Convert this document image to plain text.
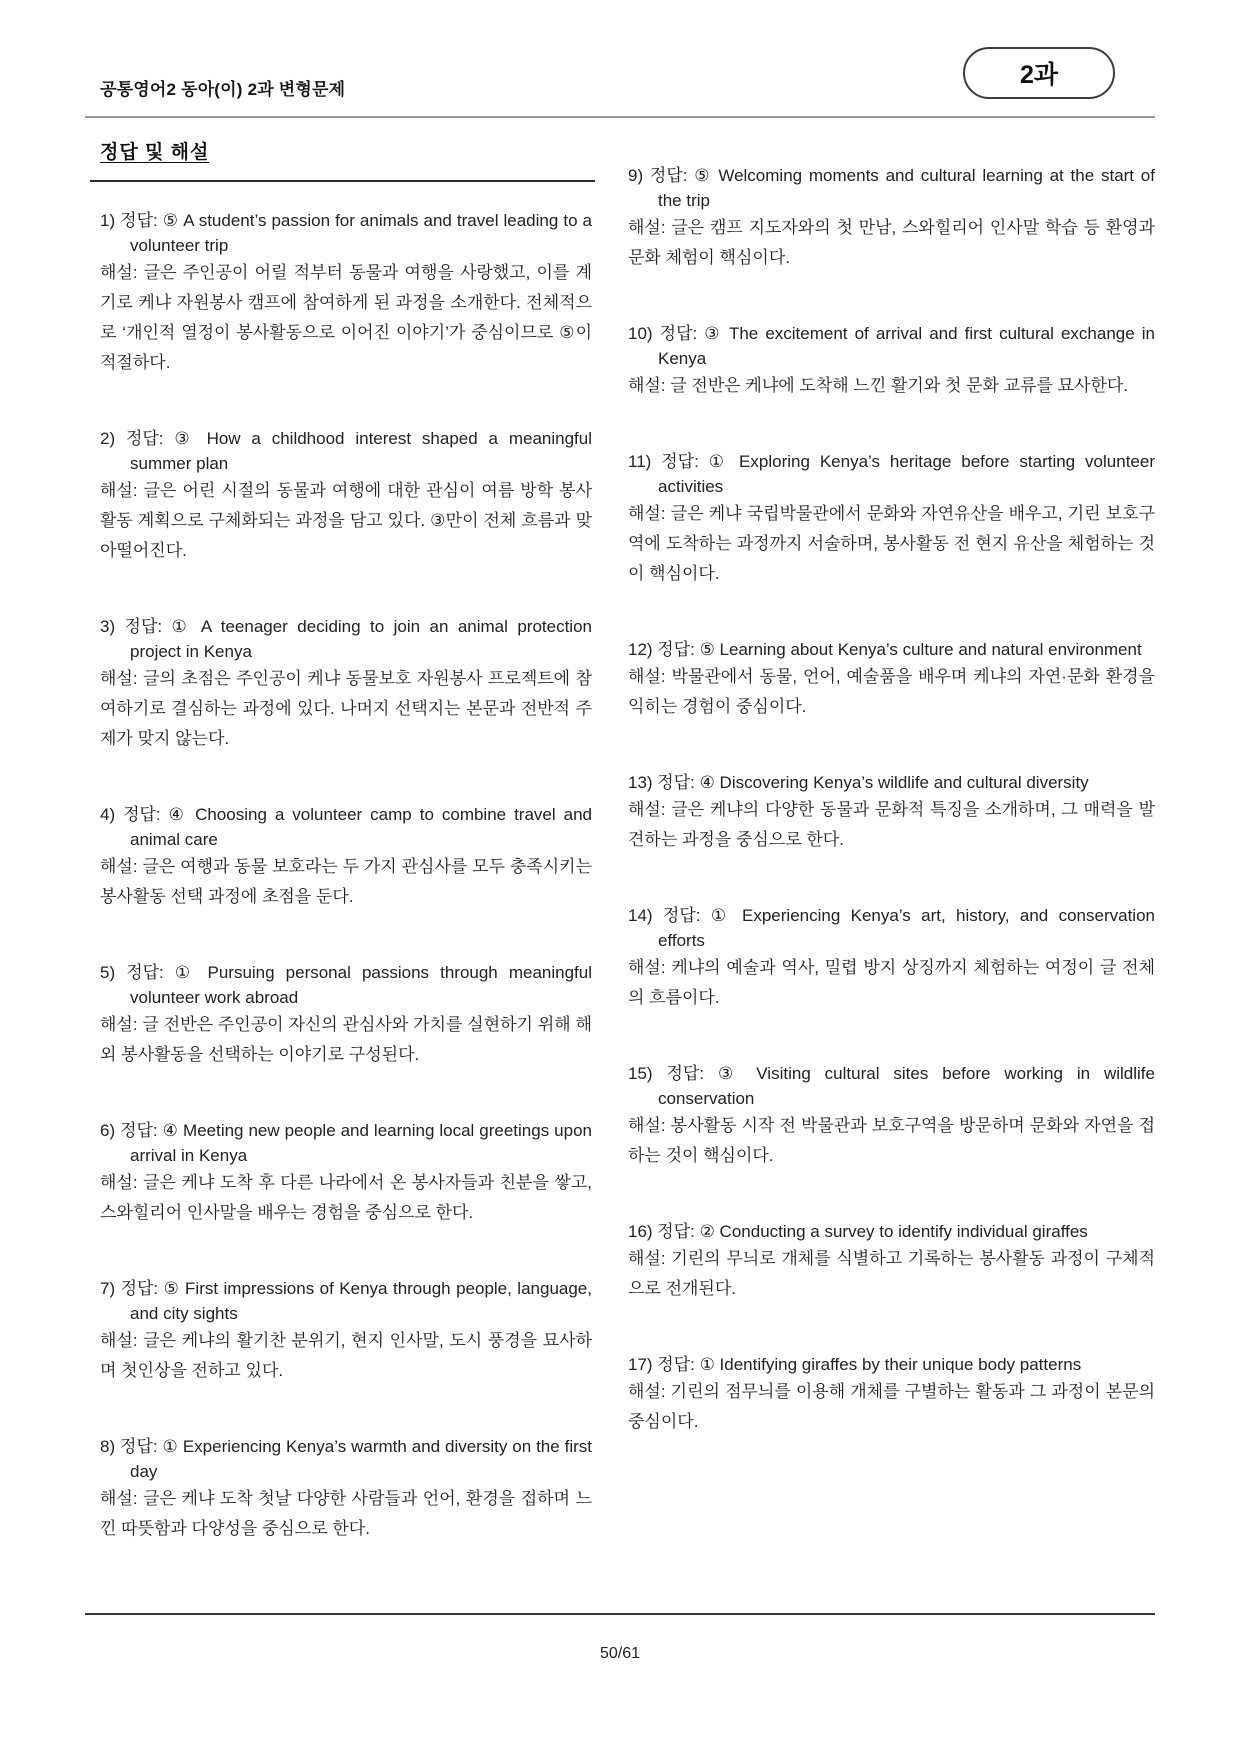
공통영어2 동아(이) 2과 변형문제
2과
정답 및 해설

1) 정답: ⑤ A student’s passion for animals and travel leading to a volunteer trip

해설: 글은 주인공이 어릴 적부터 동물과 여행을 사랑했고, 이를 계기로 케냐 자원봉사 캠프에 참여하게 된 과정을 소개한다. 전체적으로 ‘개인적 열정이 봉사활동으로 이어진 이야기’가 중심이므로 ⑤이 적절하다.

2) 정답: ③ How a childhood interest shaped a meaningful summer plan

해설: 글은 어린 시절의 동물과 여행에 대한 관심이 여름 방학 봉사활동 계획으로 구체화되는 과정을 담고 있다. ③만이 전체 흐름과 맞아떨어진다.

3) 정답: ① A teenager deciding to join an animal protection project in Kenya

해설: 글의 초점은 주인공이 케냐 동물보호 자원봉사 프로젝트에 참여하기로 결심하는 과정에 있다. 나머지 선택지는 본문과 전반적 주제가 맞지 않는다.

4) 정답: ④ Choosing a volunteer camp to combine travel and animal care

해설: 글은 여행과 동물 보호라는 두 가지 관심사를 모두 충족시키는 봉사활동 선택 과정에 초점을 둔다.

5) 정답: ① Pursuing personal passions through meaningful volunteer work abroad

해설: 글 전반은 주인공이 자신의 관심사와 가치를 실현하기 위해 해외 봉사활동을 선택하는 이야기로 구성된다.

6) 정답: ④ Meeting new people and learning local greetings upon arrival in Kenya

해설: 글은 케냐 도착 후 다른 나라에서 온 봉사자들과 친분을 쌓고, 스와힐리어 인사말을 배우는 경험을 중심으로 한다.

7) 정답: ⑤ First impressions of Kenya through people, language, and city sights

해설: 글은 케냐의 활기찬 분위기, 현지 인사말, 도시 풍경을 묘사하며 첫인상을 전하고 있다.

8) 정답: ① Experiencing Kenya’s warmth and diversity on the first day

해설: 글은 케냐 도착 첫날 다양한 사람들과 언어, 환경을 접하며 느낀 따뜻함과 다양성을 중심으로 한다.

9) 정답: ⑤ Welcoming moments and cultural learning at the start of the trip

해설: 글은 캠프 지도자와의 첫 만남, 스와힐리어 인사말 학습 등 환영과 문화 체험이 핵심이다.

10) 정답: ③ The excitement of arrival and first cultural exchange in Kenya

해설: 글 전반은 케냐에 도착해 느낀 활기와 첫 문화 교류를 묘사한다.

11) 정답: ① Exploring Kenya’s heritage before starting volunteer activities

해설: 글은 케냐 국립박물관에서 문화와 자연유산을 배우고, 기린 보호구역에 도착하는 과정까지 서술하며, 봉사활동 전 현지 유산을 체험하는 것이 핵심이다.

12) 정답: ⑤ Learning about Kenya’s culture and natural environment

해설: 박물관에서 동물, 언어, 예술품을 배우며 케냐의 자연·문화 환경을 익히는 경험이 중심이다.

13) 정답: ④ Discovering Kenya’s wildlife and cultural diversity

해설: 글은 케냐의 다양한 동물과 문화적 특징을 소개하며, 그 매력을 발견하는 과정을 중심으로 한다.

14) 정답: ① Experiencing Kenya’s art, history, and conservation efforts

해설: 케냐의 예술과 역사, 밀렵 방지 상징까지 체험하는 여정이 글 전체의 흐름이다.

15) 정답: ③ Visiting cultural sites before working in wildlife conservation

해설: 봉사활동 시작 전 박물관과 보호구역을 방문하며 문화와 자연을 접하는 것이 핵심이다.

16) 정답: ② Conducting a survey to identify individual giraffes

해설: 기린의 무늬로 개체를 식별하고 기록하는 봉사활동 과정이 구체적으로 전개된다.

17) 정답: ① Identifying giraffes by their unique body patterns

해설: 기린의 점무늬를 이용해 개체를 구별하는 활동과 그 과정이 본문의 중심이다.

50/61
